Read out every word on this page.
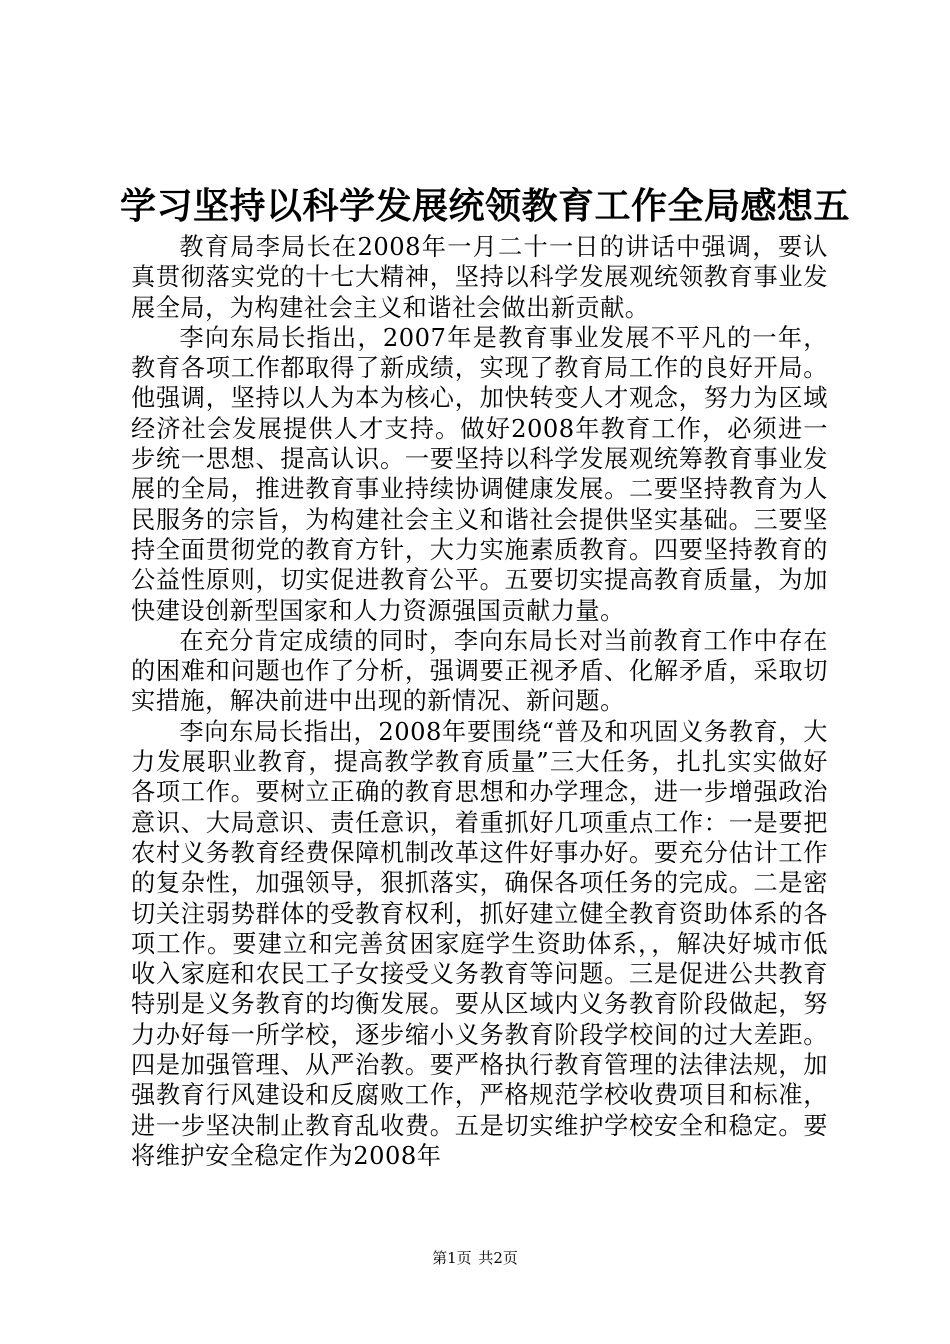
学习坚持以科学发展统领教育工作全局感想五

教育局李局长在2008年一月二十一日的讲话中强调，要认真贯彻落实党的十七大精神，坚持以科学发展观统领教育事业发展全局，为构建社会主义和谐社会做出新贡献。

李向东局长指出，2007年是教育事业发展不平凡的一年，教育各项工作都取得了新成绩，实现了教育局工作的良好开局。他强调，坚持以人为本为核心，加快转变人才观念，努力为区域经济社会发展提供人才支持。做好2008年教育工作，必须进一步统一思想、提高认识。一要坚持以科学发展观统筹教育事业发展的全局，推进教育事业持续协调健康发展。二要坚持教育为人民服务的宗旨，为构建社会主义和谐社会提供坚实基础。三要坚持全面贯彻党的教育方针，大力实施素质教育。四要坚持教育的公益性原则，切实促进教育公平。五要切实提高教育质量，为加快建设创新型国家和人力资源强国贡献力量。

在充分肯定成绩的同时，李向东局长对当前教育工作中存在的困难和问题也作了分析，强调要正视矛盾、化解矛盾，采取切实措施，解决前进中出现的新情况、新问题。

李向东局长指出，2008年要围绕“普及和巩固义务教育，大力发展职业教育，提高教学教育质量”三大任务，扎扎实实做好各项工作。要树立正确的教育思想和办学理念，进一步增强政治意识、大局意识、责任意识，着重抓好几项重点工作：一是要把农村义务教育经费保障机制改革这件好事办好。要充分估计工作的复杂性，加强领导，狠抓落实，确保各项任务的完成。二是密切关注弱势群体的受教育权利，抓好建立健全教育资助体系的各项工作。要建立和完善贫困家庭学生资助体系，，解决好城市低收入家庭和农民工子女接受义务教育等问题。三是促进公共教育特别是义务教育的均衡发展。要从区域内义务教育阶段做起，努力办好每一所学校，逐步缩小义务教育阶段学校间的过大差距。四是加强管理、从严治教。要严格执行教育管理的法律法规，加强教育行风建设和反腐败工作，严格规范学校收费项目和标准，进一步坚决制止教育乱收费。五是切实维护学校安全和稳定。要将维护安全稳定作为2008年

第1页 共2页
